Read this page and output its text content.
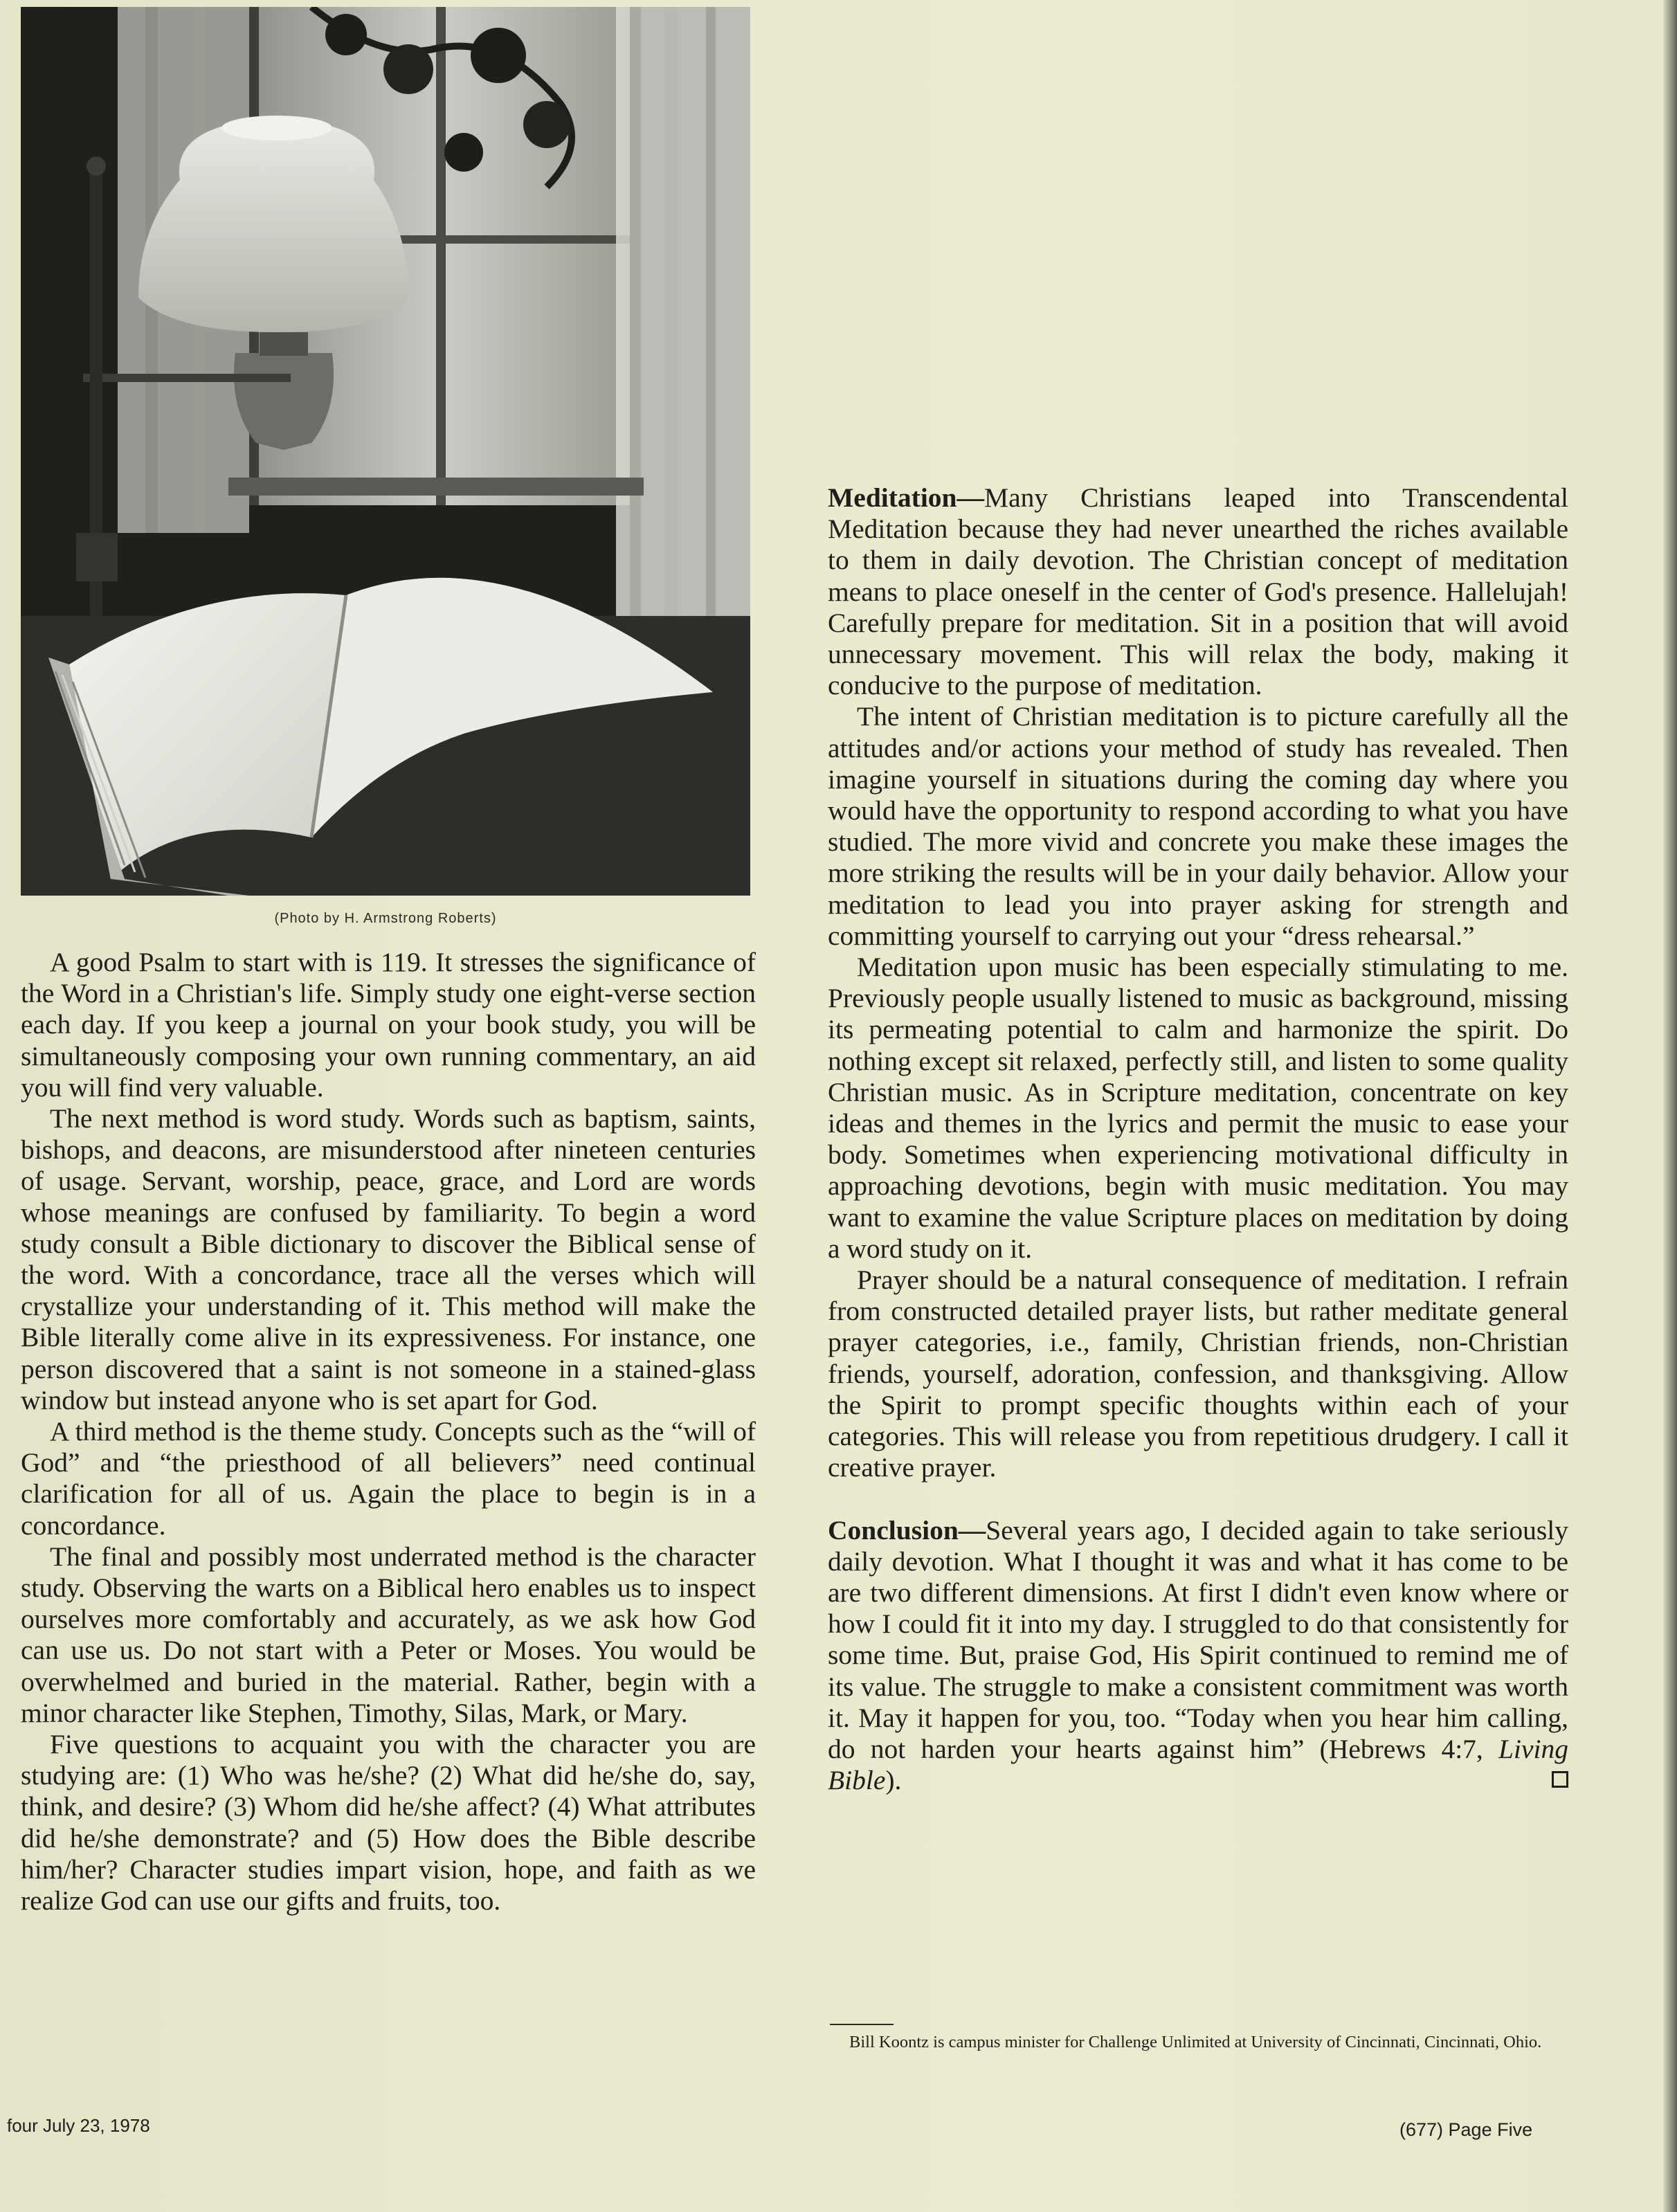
(Photo by H. Armstrong Roberts)

A good Psalm to start with is 119. It stresses the significance of the Word in a Christian's life. Simply study one eight-verse section each day. If you keep a journal on your book study, you will be simultaneously composing your own running commentary, an aid you will find very valuable.

The next method is word study. Words such as baptism, saints, bishops, and deacons, are misunderstood after nineteen centuries of usage. Servant, worship, peace, grace, and Lord are words whose meanings are confused by familiarity. To begin a word study consult a Bible dictionary to discover the Biblical sense of the word. With a concordance, trace all the verses which will crystallize your understanding of it. This method will make the Bible literally come alive in its expressiveness. For instance, one person discovered that a saint is not someone in a stained-glass window but instead anyone who is set apart for God.

A third method is the theme study. Concepts such as the “will of God” and “the priesthood of all believers” need continual clarification for all of us. Again the place to begin is in a concordance.

The final and possibly most underrated method is the character study. Observing the warts on a Biblical hero enables us to inspect ourselves more comfortably and accurately, as we ask how God can use us. Do not start with a Peter or Moses. You would be overwhelmed and buried in the material. Rather, begin with a minor character like Stephen, Timothy, Silas, Mark, or Mary.

Five questions to acquaint you with the character you are studying are: (1) Who was he/she? (2) What did he/she do, say, think, and desire? (3) Whom did he/she affect? (4) What attributes did he/she demonstrate? and (5) How does the Bible describe him/her? Character studies impart vision, hope, and faith as we realize God can use our gifts and fruits, too.

Meditation—Many Christians leaped into Transcendental Meditation because they had never unearthed the riches available to them in daily devotion. The Christian concept of meditation means to place oneself in the center of God's presence. Hallelujah! Carefully prepare for meditation. Sit in a position that will avoid unnecessary movement. This will relax the body, making it conducive to the purpose of meditation.

The intent of Christian meditation is to picture carefully all the attitudes and/or actions your method of study has revealed. Then imagine yourself in situations during the coming day where you would have the opportunity to respond according to what you have studied. The more vivid and concrete you make these images the more striking the results will be in your daily behavior. Allow your meditation to lead you into prayer asking for strength and committing yourself to carrying out your “dress rehearsal.”

Meditation upon music has been especially stimulating to me. Previously people usually listened to music as background, missing its permeating potential to calm and harmonize the spirit. Do nothing except sit relaxed, perfectly still, and listen to some quality Christian music. As in Scripture meditation, concentrate on key ideas and themes in the lyrics and permit the music to ease your body. Sometimes when experiencing motivational difficulty in approaching devotions, begin with music meditation. You may want to examine the value Scripture places on meditation by doing a word study on it.

Prayer should be a natural consequence of meditation. I refrain from constructed detailed prayer lists, but rather meditate general prayer categories, i.e., family, Christian friends, non-Christian friends, yourself, adoration, confession, and thanksgiving. Allow the Spirit to prompt specific thoughts within each of your categories. This will release you from repetitious drudgery. I call it creative prayer.

Conclusion—Several years ago, I decided again to take seriously daily devotion. What I thought it was and what it has come to be are two different dimensions. At first I didn't even know where or how I could fit it into my day. I struggled to do that consistently for some time. But, praise God, His Spirit continued to remind me of its value. The struggle to make a consistent commitment was worth it. May it happen for you, too. “Today when you hear him calling, do not harden your hearts against him” (Hebrews 4:7, Living Bible).

Bill Koontz is campus minister for Challenge Unlimited at University of Cincinnati, Cincinnati, Ohio.
four July 23, 1978	(677) Page Five
